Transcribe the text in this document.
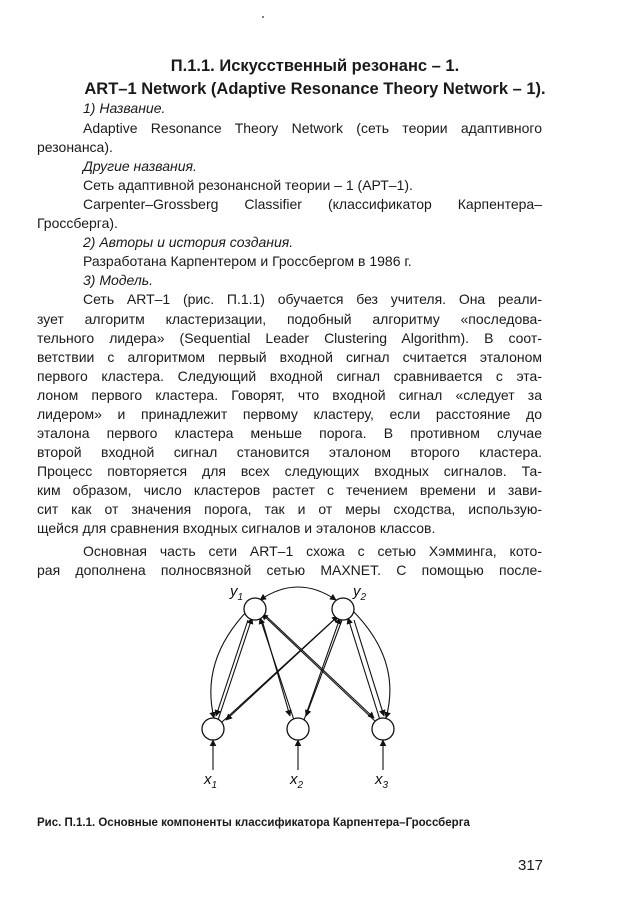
П.1.1. Искусственный резонанс – 1.
ART–1 Network (Adaptive Resonance Theory Network – 1).
1) Название.
Adaptive Resonance Theory Network (сеть теории адаптивного
резонанса).
Другие названия.
Сеть адаптивной резонансной теории – 1 (АРТ–1).
Carpenter–Grossberg Classifier (классификатор Карпентера–
Гроссберга).
2) Авторы и история создания.
Разработана Карпентером и Гроссбергом в 1986 г.
3) Модель.
Сеть ART–1 (рис. П.1.1) обучается без учителя. Она реали-
зует алгоритм кластеризации, подобный алгоритму «последова-
тельного лидера» (Sequential Leader Clustering Algorithm). В соот-
ветствии с алгоритмом первый входной сигнал считается эталоном
первого кластера. Следующий входной сигнал сравнивается с эта-
лоном первого кластера. Говорят, что входной сигнал «следует за
лидером» и принадлежит первому кластеру, если расстояние до
эталона первого кластера меньше порога. В противном случае
второй входной сигнал становится эталоном второго кластера.
Процесс повторяется для всех следующих входных сигналов. Та-
ким образом, число кластеров растет с течением времени и зави-
сит как от значения порога, так и от меры сходства, использую-
щейся для сравнения входных сигналов и эталонов классов.
Основная часть сети ART–1 схожа с сетью Хэмминга, кото-
рая дополнена полносвязной сетью MAXNET. С помощью после-
$y_1$	$y_2$
$x_1$	$x_2$	$x_3$
Рис. П.1.1. Основные компоненты классификатора Карпентера–Гроссберга
317
